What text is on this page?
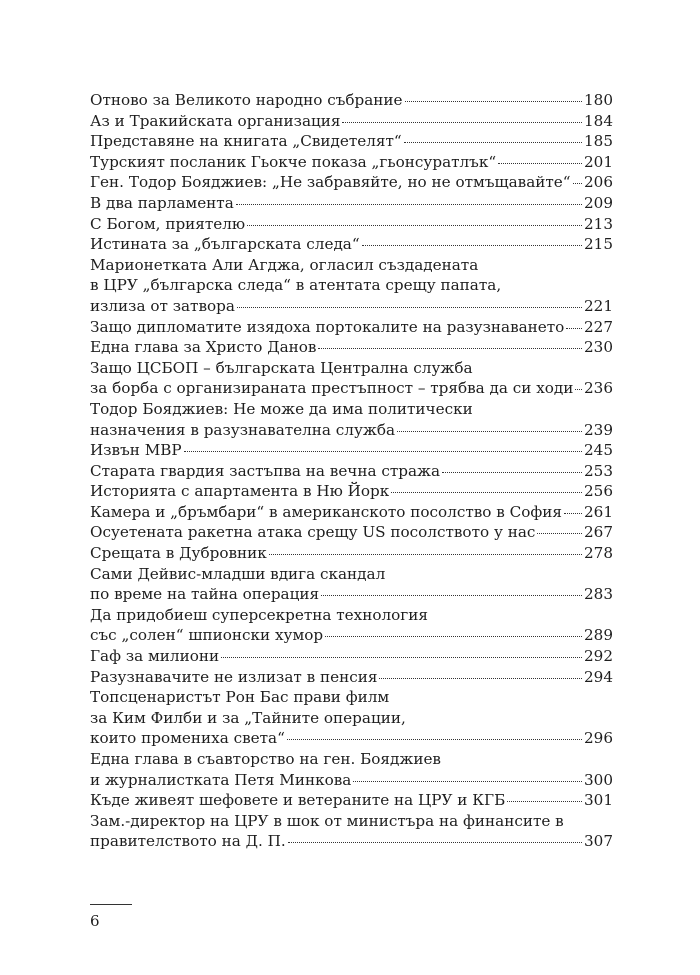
Отново за Великото народно събрание	180
Аз и Тракийската организация	184
Представяне на книгата „Свидетелят“	185
Турският посланик Гьокче показа „гьонсуратлък“	201
Ген. Тодор Бояджиев: „Не забравяйте, но не отмъщавайте“ 206
В два парламента	209
С Богом, приятелю	213
Истината за „българската следа“	215
Марионетката Али Агджа, огласил създадената
в ЦРУ „българска следа“ в атентата срещу папата,
излиза от затвора	221
Защо дипломатите изядоха портокалите на разузнаването 227
Една глава за Христо Данов	230
Защо ЦСБОП – българската Централна служба
за борба с организираната престъпност – трябва да си ходи 236
Тодор Бояджиев: Не може да има политически
назначения в разузнавателна служба	239
Извън МВР	245
Старата гвардия застъпва на вечна стража	253
Историята с апартамента в Ню Йорк	256
Камера и „бръмбари“ в американското посолство в София 261
Осуетената ракетна атака срещу US посолството у нас	267
Срещата в Дубровник	278
Сами Дейвис-младши вдига скандал
по време на тайна операция	283
Да придобиеш суперсекретна технология
със „солен“ шпионски хумор	289
Гаф за милиони	292
Разузнавачите не излизат в пенсия	294
Топсценаристът Рон Бас прави филм
за Ким Филби и за „Тайните операции,
които промениха света“	296
Една глава в съавторство на ген. Бояджиев
и журналистката Петя Минкова	300
Къде живеят шефовете и ветераните на ЦРУ и КГБ	301
Зам.-директор на ЦРУ в шок от министъра на финансите в
правителството на Д. П.	307
6
